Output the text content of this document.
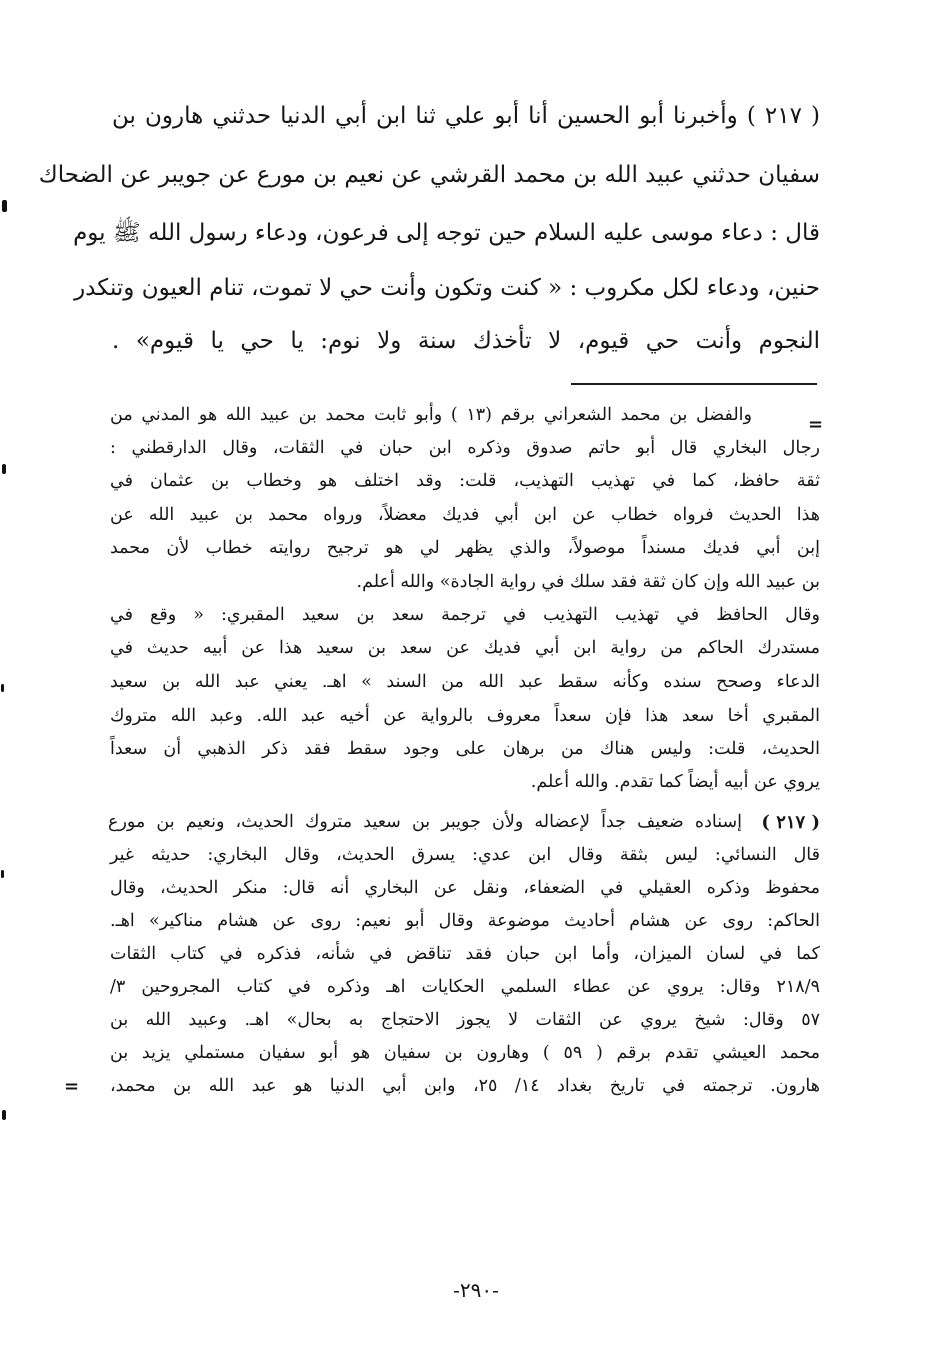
( ٢١٧ ) وأخبرنا أبو الحسين أنا أبو علي ثنا ابن أبي الدنيا حدثني هارون بن
سفيان حدثني عبيد الله بن محمد القرشي عن نعيم بن مورع عن جويبر عن الضحاك
قال : دعاء موسى عليه السلام حين توجه إلى فرعون، ودعاء رسول الله ﷺ يوم
حنين، ودعاء لكل مكروب : « كنت وتكون وأنت حي لا تموت، تنام العيون وتنكدر
النجوم وأنت حي قيوم، لا تأخذك سنة ولا نوم: يا حي يا قيوم» .
=
والفضل بن محمد الشعراني برقم (١٣ ) وأبو ثابت محمد بن عبيد الله هو المدني من
رجال البخاري قال أبو حاتم صدوق وذكره ابن حبان في الثقات، وقال الدارقطني :
ثقة حافظ، كما في تهذيب التهذيب، قلت: وقد اختلف هو وخطاب بن عثمان في
هذا الحديث فرواه خطاب عن ابن أبي فديك معضلاً، ورواه محمد بن عبيد الله عن
إبن أبي فديك مسنداً موصولاً، والذي يظهر لي هو ترجيح روايته خطاب لأن محمد
بن عبيد الله وإن كان ثقة فقد سلك في رواية الجادة» والله أعلم.
وقال الحافظ في تهذيب التهذيب في ترجمة سعد بن سعيد المقبري: « وقع في
مستدرك الحاكم من رواية ابن أبي فديك عن سعد بن سعيد هذا عن أبيه حديث في
الدعاء وصحح سنده وكأنه سقط عبد الله من السند » اهـ. يعني عبد الله بن سعيد
المقبري أخا سعد هذا فإن سعداً معروف بالرواية عن أخيه عبد الله. وعبد الله متروك
الحديث، قلت: وليس هناك من برهان على وجود سقط فقد ذكر الذهبي أن سعداً
يروي عن أبيه أيضاً كما تقدم. والله أعلم.
( ٢١٧ )
إسناده ضعيف جداً لإعضاله ولأن جويبر بن سعيد متروك الحديث، ونعيم بن مورع
قال النسائي: ليس بثقة وقال ابن عدي: يسرق الحديث، وقال البخاري: حديثه غير
محفوظ وذكره العقيلي في الضعفاء، ونقل عن البخاري أنه قال: منكر الحديث، وقال
الحاكم: روى عن هشام أحاديث موضوعة وقال أبو نعيم: روى عن هشام مناكير» اهـ.
كما في لسان الميزان، وأما ابن حبان فقد تناقض في شأنه، فذكره في كتاب الثقات
٢١٨/٩ وقال: يروي عن عطاء السلمي الحكايات اهـ وذكره في كتاب المجروحين ٣/
٥٧ وقال: شيخ يروي عن الثقات لا يجوز الاحتجاج به بحال» اهـ. وعبيد الله بن
محمد العيشي تقدم برقم ( ٥٩ ) وهارون بن سفيان هو أبو سفيان مستملي يزيد بن
هارون. ترجمته في تاريخ بغداد ١٤/ ٢٥، وابن أبي الدنيا هو عبد الله بن محمد،
=
-٢٩٠-
